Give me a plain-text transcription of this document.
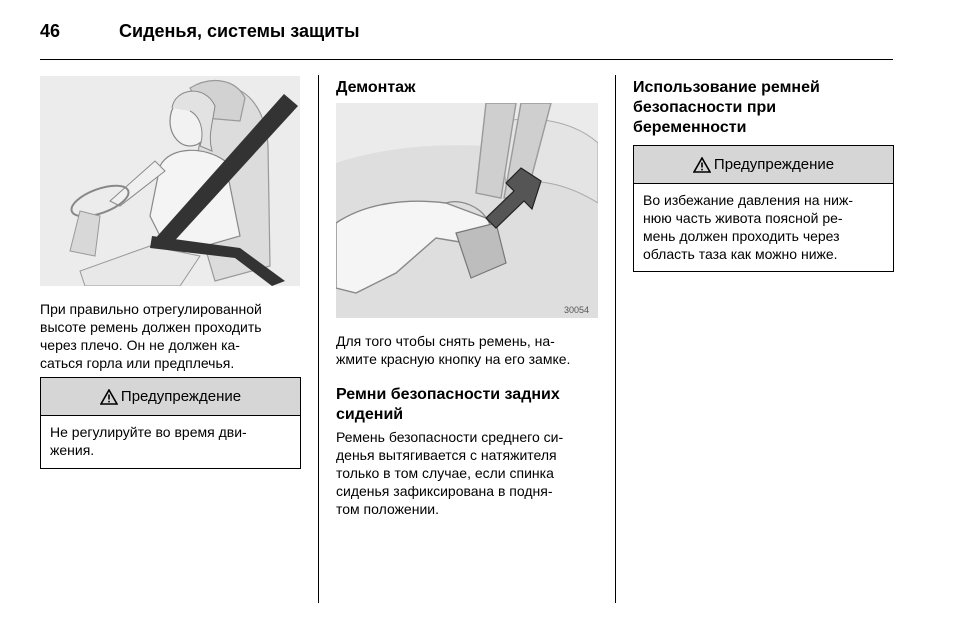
46	Сиденья, системы защиты
При правильно отрегулированной
высоте ремень должен проходить
через плечо. Он не должен ка-
саться горла или предплечья.
Предупреждение
Не регулируйте во время дви-
жения.
Демонтаж
30054
Для того чтобы снять ремень, на-
жмите красную кнопку на его замке.
Ремни безопасности задних
сидений
Ремень безопасности среднего си-
денья вытягивается с натяжителя
только в том случае, если спинка
сиденья зафиксирована в подня-
том положении.
Использование ремней
безопасности при
беременности
Предупреждение
Во избежание давления на ниж-
нюю часть живота поясной ре-
мень должен проходить через
область таза как можно ниже.
